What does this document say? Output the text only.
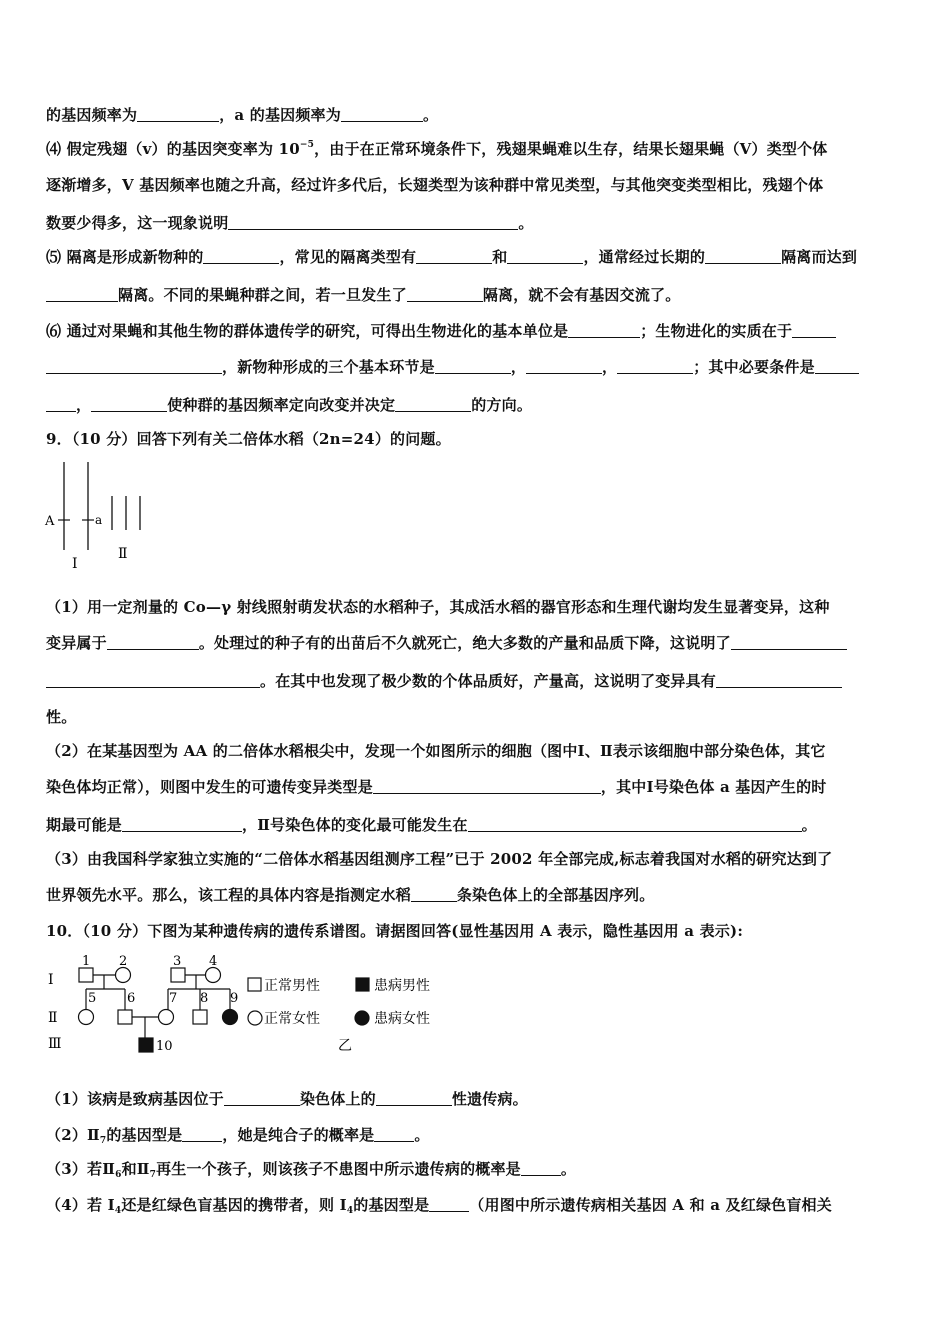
的基因频率为	，a 的基因频率为	。
⑷ 假定残翅（v）的基因突变率为 $10^{-5}$，由于在正常环境条件下，残翅果蝇难以生存，结果长翅果蝇（V）类型个体
逐渐增多，V 基因频率也随之升高，经过许多代后，长翅类型为该种群中常见类型，与其他突变类型相比，残翅个体
数要少得多，这一现象说明	。
⑸ 隔离是形成新物种的	，常见的隔离类型有	和	，通常经过长期的	隔离而达到
隔离。不同的果蝇种群之间，若一旦发生了	隔离，就不会有基因交流了。
⑹ 通过对果蝇和其他生物的群体遗传学的研究，可得出生物进化的基本单位是	；生物进化的实质在于
，新物种形成的三个基本环节是	，	，	；其中必要条件是
，	使种群的基因频率定向改变并决定	的方向。
9．（10 分）回答下列有关二倍体水稻（2n=24）的问题。
A	a
Ⅰ
Ⅱ
（1）用一定剂量的 Co—γ 射线照射萌发状态的水稻种子，其成活水稻的器官形态和生理代谢均发生显著变异，这种
变异属于	。处理过的种子有的出苗后不久就死亡，绝大多数的产量和品质下降，这说明了
。在其中也发现了极少数的个体品质好，产量高，这说明了变异具有
性。
（2）在某基因型为 AA 的二倍体水稻根尖中，发现一个如图所示的细胞（图中Ⅰ、Ⅱ表示该细胞中部分染色体，其它
染色体均正常），则图中发生的可遗传变异类型是	，其中Ⅰ号染色体 a 基因产生的时
期最可能是	，Ⅱ号染色体的变化最可能发生在	。
（3）由我国科学家独立实施的“二倍体水稻基因组测序工程”已于 2002 年全部完成,标志着我国对水稻的研究达到了
世界领先水平。那么，该工程的具体内容是指测定水稻	条染色体上的全部基因序列。
10．（10 分）下图为某种遗传病的遗传系谱图。请据图回答(显性基因用 A 表示，隐性基因用 a 表示):
Ⅰ
Ⅱ
Ⅲ
1 2	3 4
5 6	7 8 9
10
正常男性	患病男性
正常女性	患病女性
乙
（1）该病是致病基因位于	染色体上的	性遗传病。
$(2)Ⅱ_7$的基因型是	，她是纯合子的概率是	。
（3）若$Ⅱ_6$和$Ⅱ_7$再生一个孩子，则该孩子不患图中所示遗传病的概率是	。
（4）若 $I_4$还是红绿色盲基因的携带者，则 $I_4$的基因型是	（用图中所示遗传病相关基因 A 和 a 及红绿色盲相关
